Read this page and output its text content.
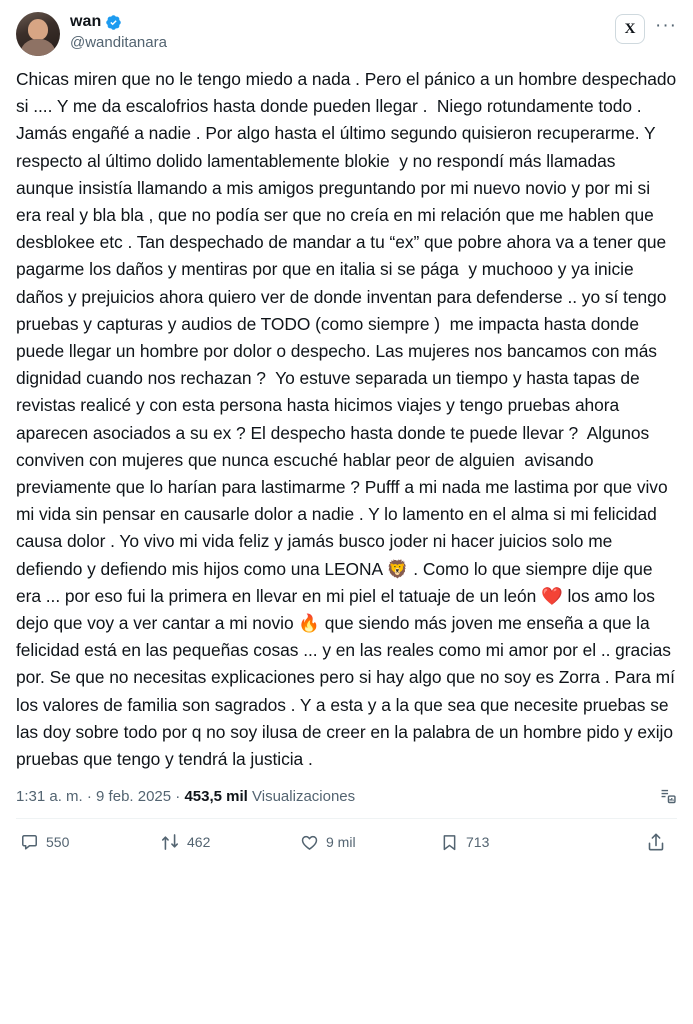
wan
@wanditanara
X	···
Chicas miren que no le tengo miedo a nada . Pero el pánico a un hombre despechado si .... Y me da escalofrios hasta donde pueden llegar .  Niego rotundamente todo . Jamás engañé a nadie . Por algo hasta el último segundo quisieron recuperarme. Y respecto al último dolido lamentablemente blokie  y no respondí más llamadas aunque insistía llamando a mis amigos preguntando por mi nuevo novio y por mi si era real y bla bla , que no podía ser que no creía en mi relación que me hablen que desblokee etc . Tan despechado de mandar a tu “ex” que pobre ahora va a tener que pagarme los daños y mentiras por que en italia si se pága  y muchooo y ya inicie  daños y prejuicios ahora quiero ver de donde inventan para defenderse .. yo sí tengo pruebas y capturas y audios de TODO (como siempre )  me impacta hasta donde puede llegar un hombre por dolor o despecho. Las mujeres nos bancamos con más dignidad cuando nos rechazan ?  Yo estuve separada un tiempo y hasta tapas de revistas realicé y con esta persona hasta hicimos viajes y tengo pruebas ahora aparecen asociados a su ex ? El despecho hasta donde te puede llevar ?  Algunos conviven con mujeres que nunca escuché hablar peor de alguien  avisando previamente que lo harían para lastimarme ? Pufff a mi nada me lastima por que vivo mi vida sin pensar en causarle dolor a nadie . Y lo lamento en el alma si mi felicidad causa dolor . Yo vivo mi vida feliz y jamás busco joder ni hacer juicios solo me defiendo y defiendo mis hijos como una LEONA 🦁 . Como lo que siempre dije que era ... por eso fui la primera en llevar en mi piel el tatuaje de un león ❤️ los amo los dejo que voy a ver cantar a mi novio 🔥 que siendo más joven me enseña a que la felicidad está en las pequeñas cosas ... y en las reales como mi amor por el .. gracias por. Se que no necesitas explicaciones pero si hay algo que no soy es Zorra . Para mí los valores de familia son sagrados . Y a esta y a la que sea que necesite pruebas se las doy sobre todo por q no soy ilusa de creer en la palabra de un hombre pido y exijo pruebas que tengo y tendrá la justicia .
1:31 a. m. · 9 feb. 2025 · 453,5 mil Visualizaciones
550	462	9 mil	713
